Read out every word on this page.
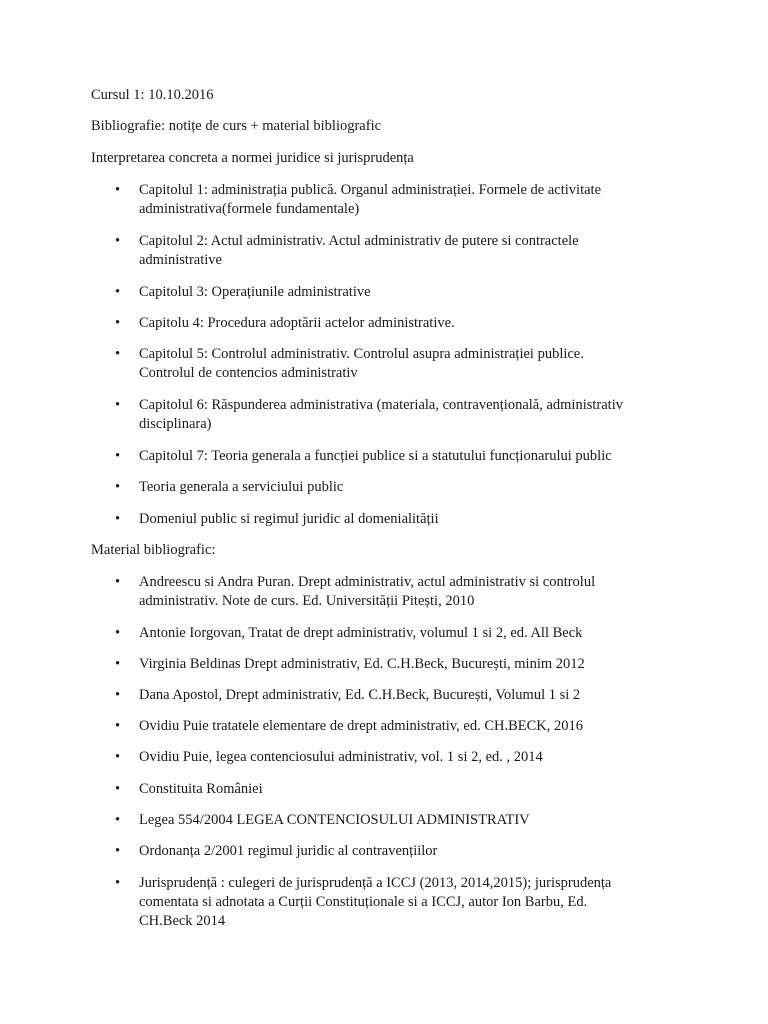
Cursul 1: 10.10.2016
Bibliografie: notițe de curs + material bibliografic
Interpretarea concreta a normei juridice si jurisprudența
•	Capitolul 1: administrația publică. Organul administrației. Formele de activitate
administrativa(formele fundamentale)
•	Capitolul 2: Actul administrativ. Actul administrativ de putere si contractele
administrative
•	Capitolul 3: Operațiunile administrative
•	Capitolu 4: Procedura adoptării actelor administrative.
•	Capitolul 5: Controlul administrativ. Controlul asupra administrației publice.
Controlul de contencios administrativ
•	Capitolul 6: Răspunderea administrativa (materiala, contravențională, administrativ
disciplinara)
•	Capitolul 7: Teoria generala a funcției publice si a statutului funcționarului public
•	Teoria generala a serviciului public
•	Domeniul public si regimul juridic al domenialității
Material bibliografic:
•	Andreescu si Andra Puran. Drept administrativ, actul administrativ si controlul
administrativ. Note de curs. Ed. Universității Pitești, 2010
•	Antonie Iorgovan, Tratat de drept administrativ, volumul 1 si 2, ed. All Beck
•	Virginia Beldinas Drept administrativ, Ed. C.H.Beck, București, minim 2012
•	Dana Apostol, Drept administrativ, Ed. C.H.Beck, București, Volumul 1 si 2
•	Ovidiu Puie tratatele elementare de drept administrativ, ed. CH.BECK, 2016
•	Ovidiu Puie, legea contenciosului administrativ, vol. 1 si 2, ed. , 2014
•	Constituita României
•	Legea 554/2004 LEGEA CONTENCIOSULUI ADMINISTRATIV
•	Ordonanța 2/2001 regimul juridic al contravențiilor
•	Jurisprudență : culegeri de jurisprudență a ICCJ (2013, 2014,2015); jurisprudența
comentata si adnotata a Curții Constituționale si a ICCJ, autor Ion Barbu, Ed.
CH.Beck 2014
